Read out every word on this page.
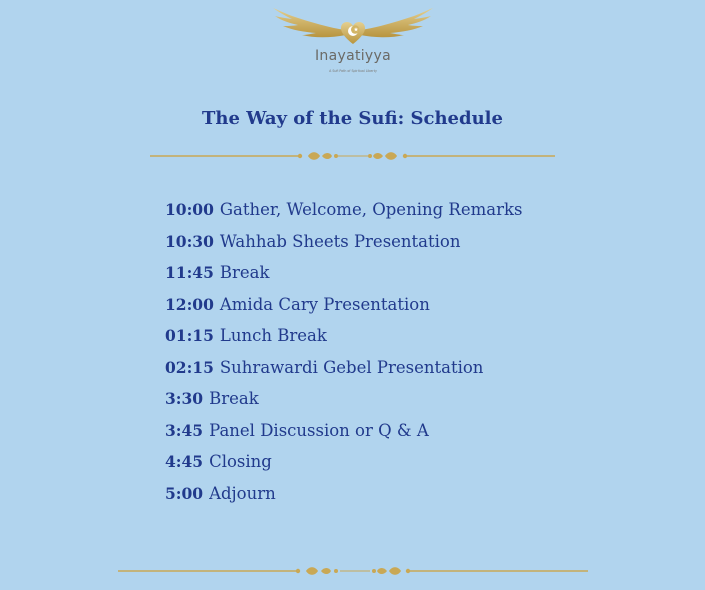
Inayatiyya
A Sufi Path of Spiritual Liberty
The Way of the Sufi: Schedule
10:00 Gather, Welcome, Opening Remarks
10:30 Wahhab Sheets Presentation
11:45 Break
12:00 Amida Cary Presentation
01:15 Lunch Break
02:15 Suhrawardi Gebel Presentation
3:30 Break
3:45 Panel Discussion or Q & A
4:45 Closing
5:00 Adjourn
